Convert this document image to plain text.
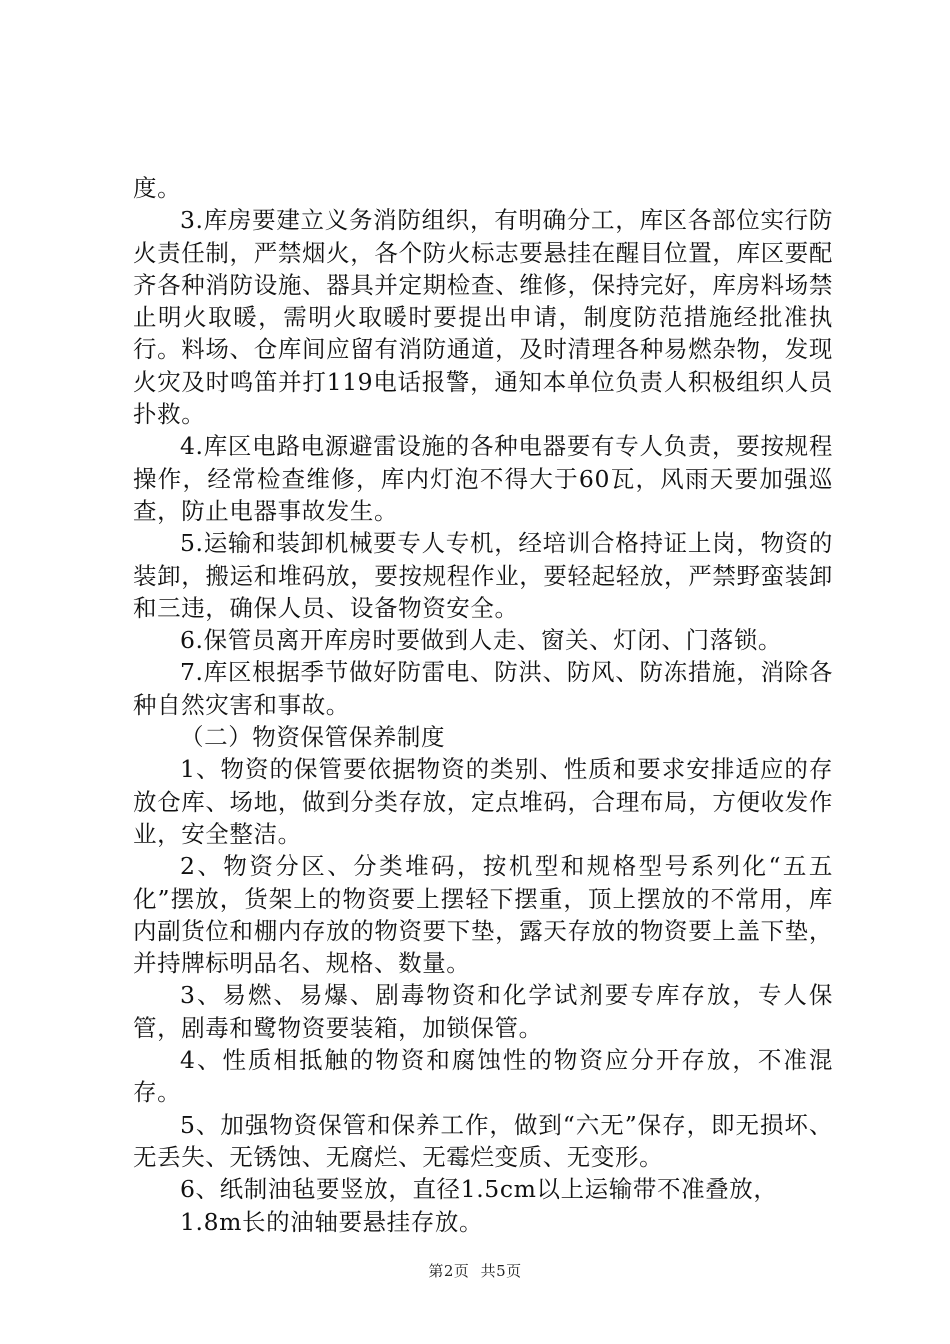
度。

3.库房要建立义务消防组织，有明确分工，库区各部位实行防火责任制，严禁烟火，各个防火标志要悬挂在醒目位置，库区要配齐各种消防设施、器具并定期检查、维修，保持完好，库房料场禁止明火取暖，需明火取暖时要提出申请，制度防范措施经批准执行。料场、仓库间应留有消防通道，及时清理各种易燃杂物，发现火灾及时鸣笛并打119电话报警，通知本单位负责人积极组织人员扑救。

4.库区电路电源避雷设施的各种电器要有专人负责，要按规程操作，经常检查维修，库内灯泡不得大于60瓦，风雨天要加强巡查，防止电器事故发生。

5.运输和装卸机械要专人专机，经培训合格持证上岗，物资的装卸，搬运和堆码放，要按规程作业，要轻起轻放，严禁野蛮装卸和三违，确保人员、设备物资安全。

6.保管员离开库房时要做到人走、窗关、灯闭、门落锁。

7.库区根据季节做好防雷电、防洪、防风、防冻措施，消除各种自然灾害和事故。

（二）物资保管保养制度

1、物资的保管要依据物资的类别、性质和要求安排适应的存放仓库、场地，做到分类存放，定点堆码，合理布局，方便收发作业，安全整洁。

2、物资分区、分类堆码，按机型和规格型号系列化“五五化”摆放，货架上的物资要上摆轻下摆重，顶上摆放的不常用，库内副货位和棚内存放的物资要下垫，露天存放的物资要上盖下垫，并持牌标明品名、规格、数量。

3、易燃、易爆、剧毒物资和化学试剂要专库存放，专人保管，剧毒和鹭物资要装箱，加锁保管。

4、性质相抵触的物资和腐蚀性的物资应分开存放，不准混存。

5、加强物资保管和保养工作，做到“六无”保存，即无损坏、无丢失、无锈蚀、无腐烂、无霉烂变质、无变形。

6、纸制油毡要竖放，直径1.5cm以上运输带不准叠放，

1.8m长的油轴要悬挂存放。

第2页 共5页
